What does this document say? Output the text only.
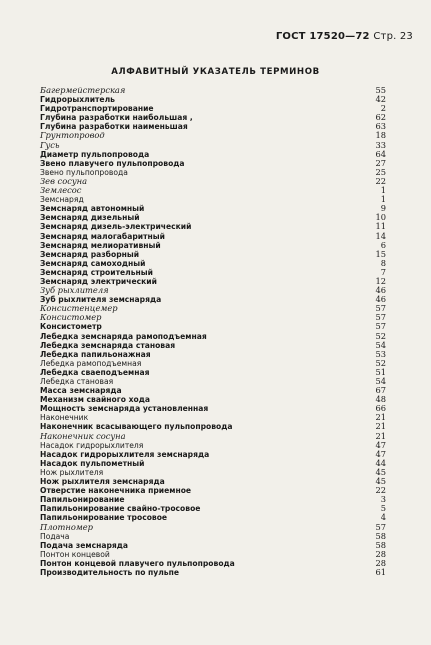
ГОСТ 17520—72 Стр. 23
АЛФАВИТНЫЙ УКАЗАТЕЛЬ ТЕРМИНОВ
Багермейстерская	55
Гидрорыхлитель	42
Гидротранспортирование	2
Глубина разработки наибольшая ,	62
Глубина разработки наименьшая	63
Грунтопровод	18
Гусь	33
Диаметр пульпопровода	64
Звено плавучего пульпопровода	27
Звено пульпопровода	25
Зев сосуна	22
Землесос	1
Земснаряд	1
Земснаряд автономный	9
Земснаряд дизельный	10
Земснаряд дизель-электрический	11
Земснаряд малогабаритный	14
Земснаряд мелиоративный	6
Земснаряд разборный	15
Земснаряд самоходный	8
Земснаряд строительный	7
Земснаряд электрический	12
Зуб рыхлителя	46
Зуб рыхлителя земснаряда	46
Консистенцемер	57
Консистомер	57
Консистометр	57
Лебедка земснаряда рамоподъемная	52
Лебедка земснаряда становая	54
Лебедка папильонажная	53
Лебедка рамоподъемная	52
Лебедка сваеподъемная	51
Лебедка становая	54
Масса земснаряда	67
Механизм свайного хода	48
Мощность земснаряда установленная	66
Наконечник	21
Наконечник всасывающего пульпопровода	21
Наконечник сосуна	21
Насадок гидрорыхлителя	47
Насадок гидрорыхлителя земснаряда	47
Насадок пульпометный	44
Нож рыхлителя	45
Нож рыхлителя земснаряда	45
Отверстие наконечника приемное	22
Папильонирование	3
Папильонирование свайно-тросовое	5
Папильонирование тросовое	4
Плотномер	57
Подача	58
Подача земснаряда	58
Понтон концевой	28
Понтон концевой плавучего пульпопровода	28
Производительность по пульпе	61
